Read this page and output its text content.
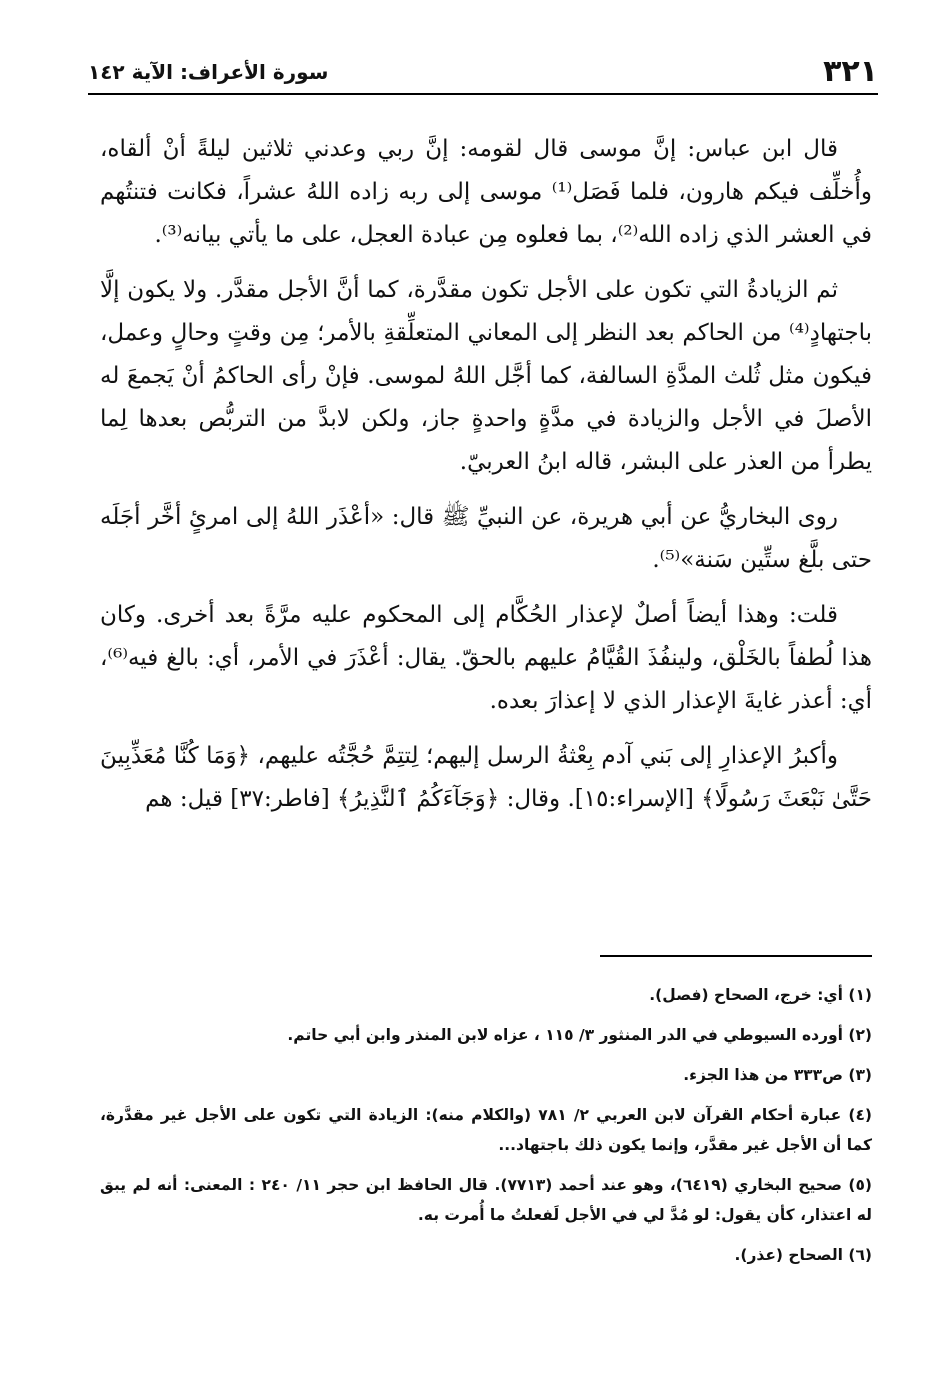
٣٢١
سورة الأعراف: الآية ١٤٢

قال ابن عباس: إنَّ موسى قال لقومه: إنَّ ربي وعدني ثلاثين ليلةً أنْ ألقاه، وأُخلِّف فيكم هارون، فلما فَصَل⁽¹⁾ موسى إلى ربه زاده اللهُ عشراً، فكانت فتنتُهم في العشر الذي زاده الله⁽²⁾، بما فعلوه مِن عبادة العجل، على ما يأتي بيانه⁽³⁾.

ثم الزيادةُ التي تكون على الأجل تكون مقدَّرة، كما أنَّ الأجل مقدَّر. ولا يكون إلَّا باجتهادٍ⁽⁴⁾ من الحاكم بعد النظر إلى المعاني المتعلِّقةِ بالأمر؛ مِن وقتٍ وحالٍ وعمل، فيكون مثل ثُلث المدَّةِ السالفة، كما أجَّل اللهُ لموسى. فإنْ رأى الحاكمُ أنْ يَجمعَ له الأصلَ في الأجل والزيادة في مدَّةٍ واحدةٍ جاز، ولكن لابدَّ من التربُّص بعدها لِما يطرأ من العذر على البشر، قاله ابنُ العربيّ.

روى البخاريُّ عن أبي هريرة، عن النبيِّ ﷺ قال: «أعْذَر اللهُ إلى امرئٍ أخَّر أجَلَه حتى بلَّغ ستِّين سَنة»⁽⁵⁾.

قلت: وهذا أيضاً أصلٌ لإعذار الحُكَّام إلى المحكوم عليه مرَّةً بعد أخرى. وكان هذا لُطفاً بالخَلْق، ولينفُذَ القُيَّامُ عليهم بالحقّ. يقال: أعْذَرَ في الأمر، أي: بالغ فيه⁽⁶⁾، أي: أعذر غايةَ الإعذار الذي لا إعذارَ بعده.

وأكبرُ الإعذارِ إلى بَني آدم بِعْثةُ الرسل إليهم؛ لِتتِمَّ حُجَّتُه عليهم، ﴿وَمَا كُنَّا مُعَذِّبِينَ حَتَّىٰ نَبْعَثَ رَسُولًا﴾ [الإسراء:١٥]. وقال: ﴿وَجَآءَكُمُ ٱلنَّذِيرُ﴾ [فاطر:٣٧] قيل: هم

(١) أي: خرج، الصحاح (فصل).

(٢) أورده السيوطي في الدر المنثور ٣/ ١١٥ ، عزاه لابن المنذر وابن أبي حاتم.

(٣) ص٣٣٣ من هذا الجزء.

(٤) عبارة أحكام القرآن لابن العربي ٢/ ٧٨١ (والكلام منه): الزيادة التي تكون على الأجل غير مقدَّرة، كما أن الأجل غير مقدَّر، وإنما يكون ذلك باجتهاد...

(٥) صحيح البخاري (٦٤١٩)، وهو عند أحمد (٧٧١٣). قال الحافظ ابن حجر ١١/ ٢٤٠ : المعنى: أنه لم يبق له اعتذار، كأن يقول: لو مُدَّ لي في الأجل لَفعلتُ ما أُمرت به.

(٦) الصحاح (عذر).
